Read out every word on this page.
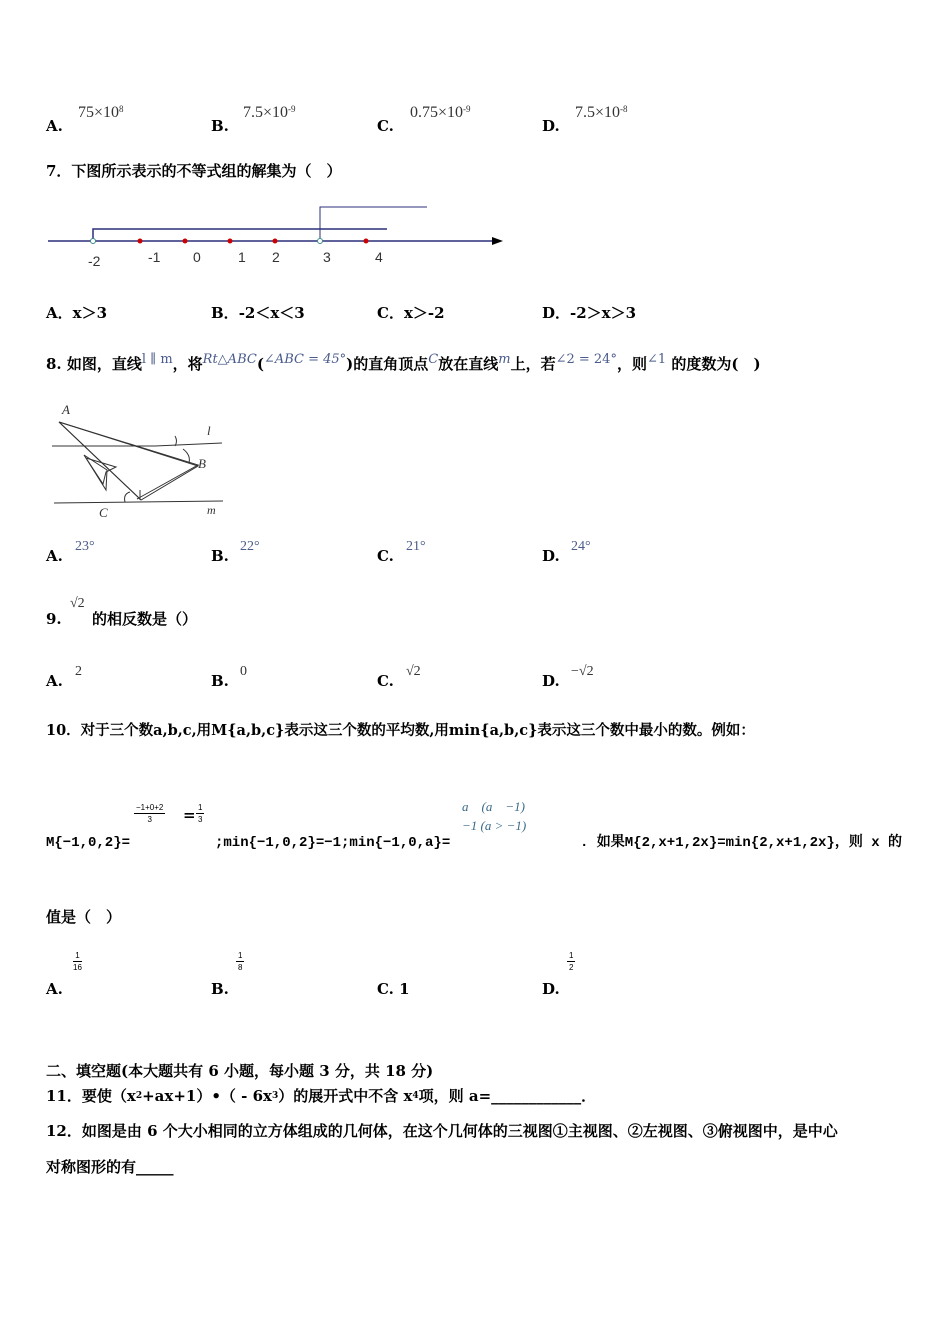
A.
$75\times 10^8$
B.
$7.5\times 10^{-9}$
C.
$0.75\times 10^{-9}$
D.
$7.5\times 10^{-8}$
7．下图所示表示的不等式组的解集为（　）
-2	-1 0	1 2	3	4
A．x＞3	B．-2＜x＜3	C．x＞-2	D．-2＞x＞3
8. 如图，直线l ∥ m，将Rt△ABC(∠ABC = 45°)的直角顶点C放在直线m上，若∠2 = 24°，则∠1 的度数为(　)
A
B
C
l
m
A.
23°
B.
22°
C.
21°
D.
24°
9.
√2
的相反数是（）
A.
2
B.
0
C.
√2
D.
−√2
10．对于三个数a,b,c,用M{a,b,c}表示这三个数的平均数,用min{a,b,c}表示这三个数中最小的数。例如：
M{−1,0,2}=
$\frac{-1+0+2}{3} = \frac{1}{3}$
;min{−1,0,2}=−1;min{−1,0,a}=
a　(a　−1)
−1 (a > −1)
. 如果M{2,x+1,2x}=min{2,x+1,2x}，则 x 的
值是（　）
A.
$\frac{1}{16}$
B.
$\frac{1}{8}$
C. 1	D.
$\frac{1}{2}$
二、填空题(本大题共有 6 小题，每小题 3 分，共 18 分)
11．要使$(x^2+ax+1)•( - 6x^3)$的展开式中不含 $x^4$项，则 a=____________．
12．如图是由 6 个大小相同的立方体组成的几何体，在这个几何体的三视图①主视图、②左视图、③俯视图中，是中心
对称图形的有_____
